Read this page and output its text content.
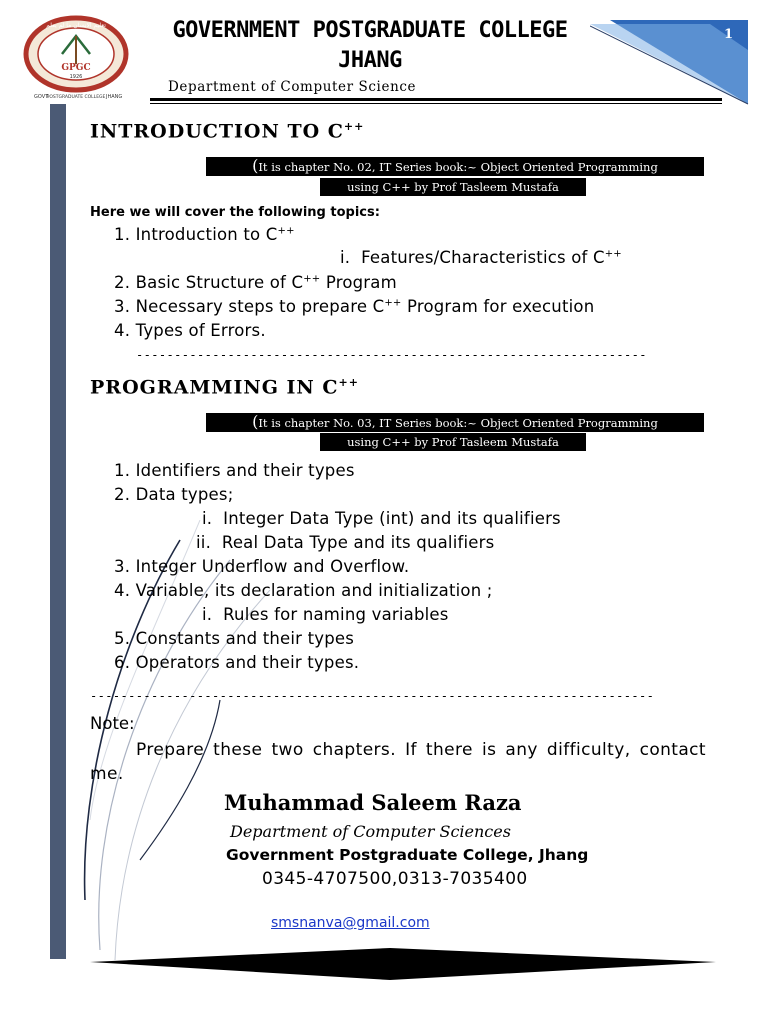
تعلیم الانسان ما لم یعلم
GPGC
1926
GOVT.
POSTGRADUATE COLLEGE JHANG
1
GOVERNMENT POSTGRADUATE COLLEGE
JHANG
Department of Computer Science
INTRODUCTION TO C++
(It is chapter No. 02, IT Series book:~ Object Oriented Programming
using C++ by Prof Tasleem Mustafa
Here we will cover the following topics:
1. Introduction to C++
i. Features/Characteristics of C++
2. Basic Structure of C++ Program
3. Necessary steps to prepare C++ Program for execution
4. Types of Errors.
-------------------------------------------------------------------
PROGRAMMING IN C++
(It is chapter No. 03, IT Series book:~ Object Oriented Programming
using C++ by Prof Tasleem Mustafa
1. Identifiers and their types
2. Data types;
i. Integer Data Type (int) and its qualifiers
ii. Real Data Type and its qualifiers
3. Integer Underflow and Overflow.
4. Variable, its declaration and initialization ;
i. Rules for naming variables
5. Constants and their types
6. Operators and their types.
--------------------------------------------------------------------------
Note:
Prepare these two chapters. If there is any difficulty, contact me.
Muhammad Saleem Raza
Department of Computer Sciences
Government Postgraduate College, Jhang
0345-4707500,0313-7035400
smsnanva@gmail.com
